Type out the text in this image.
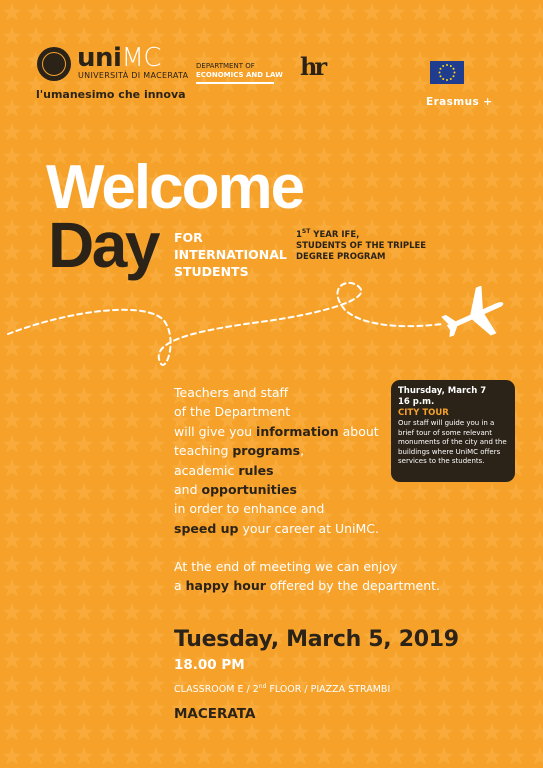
uniMC
UNIVERSITÀ DI MACERATA
l'umanesimo che innova
DEPARTMENT OF
ECONOMICS AND LAW hr
Erasmus +
Welcome
Day FOR
INTERNATIONAL
STUDENTS
1ST YEAR IFE,
STUDENTS OF THE TRIPLEE
DEGREE PROGRAM
Teachers and staff
of the Department
will give you information about
teaching programs,
academic rules
and opportunities
in order to enhance and
speed up your career at UniMC.
Thursday, March 7
16 p.m.
CITY TOUR
Our staff will guide you in a brief tour of some relevant monuments of the city and the buildings where UniMC offers services to the students.
At the end of meeting we can enjoy
a happy hour offered by the department.
Tuesday, March 5, 2019
18.00 PM
CLASSROOM E / 2nd FLOOR / PIAZZA STRAMBI
MACERATA
